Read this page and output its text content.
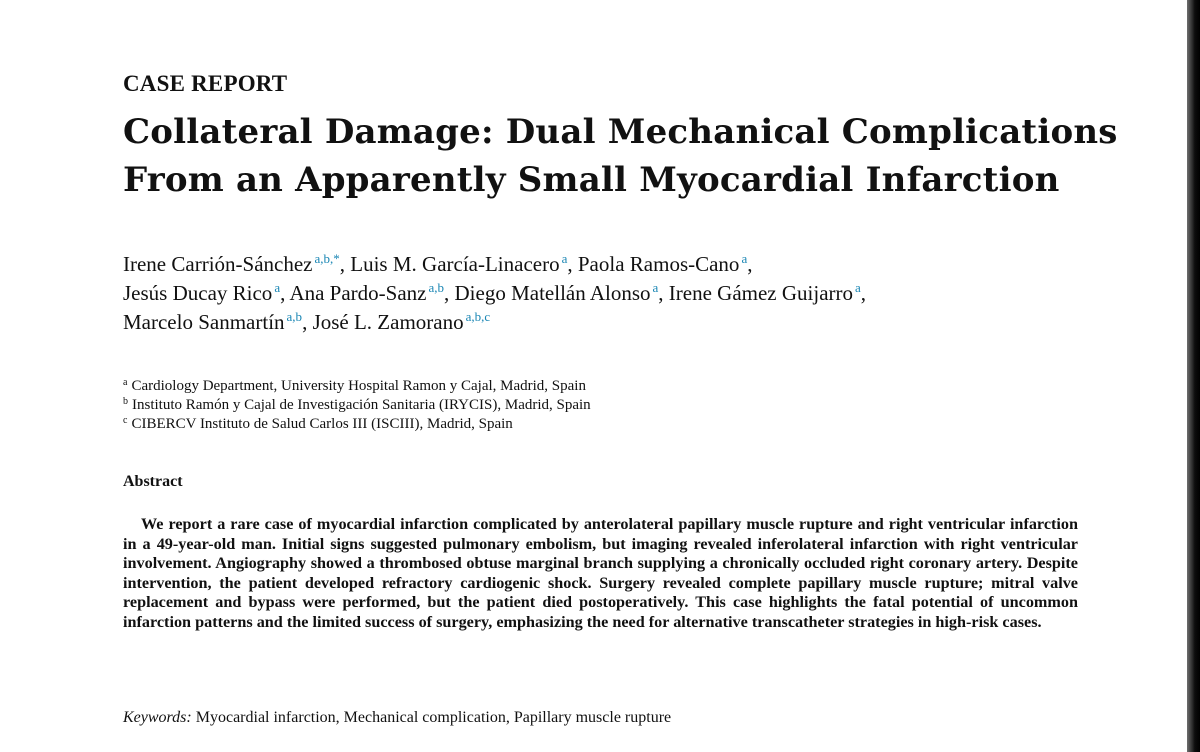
CASE REPORT
Collateral Damage: Dual Mechanical Complications
From an Apparently Small Myocardial Infarction
Irene Carrión-Sánchez $^{a,b,*}$, Luis M. García-Linacero $^a$, Paola Ramos-Cano $^a$,
Jesús Ducay Rico $^a$, Ana Pardo-Sanz $^{a,b}$, Diego Matellán Alonso $^a$, Irene Gámez Guijarro $^a$,
Marcelo Sanmartín $^{a,b}$, José L. Zamorano $^{a,b,c}$
$^a$ Cardiology Department, University Hospital Ramon y Cajal, Madrid, Spain
$^b$ Instituto Ramón y Cajal de Investigación Sanitaria (IRYCIS), Madrid, Spain
$^c$ CIBERCV Instituto de Salud Carlos III (ISCIII), Madrid, Spain
Abstract

We report a rare case of myocardial infarction complicated by anterolateral papillary muscle rupture and right ventricular infarction in a 49-year-old man. Initial signs suggested pulmonary embolism, but imaging revealed inferolateral infarction with right ventricular involvement. Angiography showed a thrombosed obtuse marginal branch supplying a chronically occluded right coronary artery. Despite intervention, the patient developed refractory cardiogenic shock. Surgery revealed complete papillary muscle rupture; mitral valve replacement and bypass were performed, but the patient died postoperatively. This case highlights the fatal potential of uncommon infarction patterns and the limited success of surgery, emphasizing the need for alternative transcatheter strategies in high-risk cases.

Keywords: Myocardial infarction, Mechanical complication, Papillary muscle rupture
